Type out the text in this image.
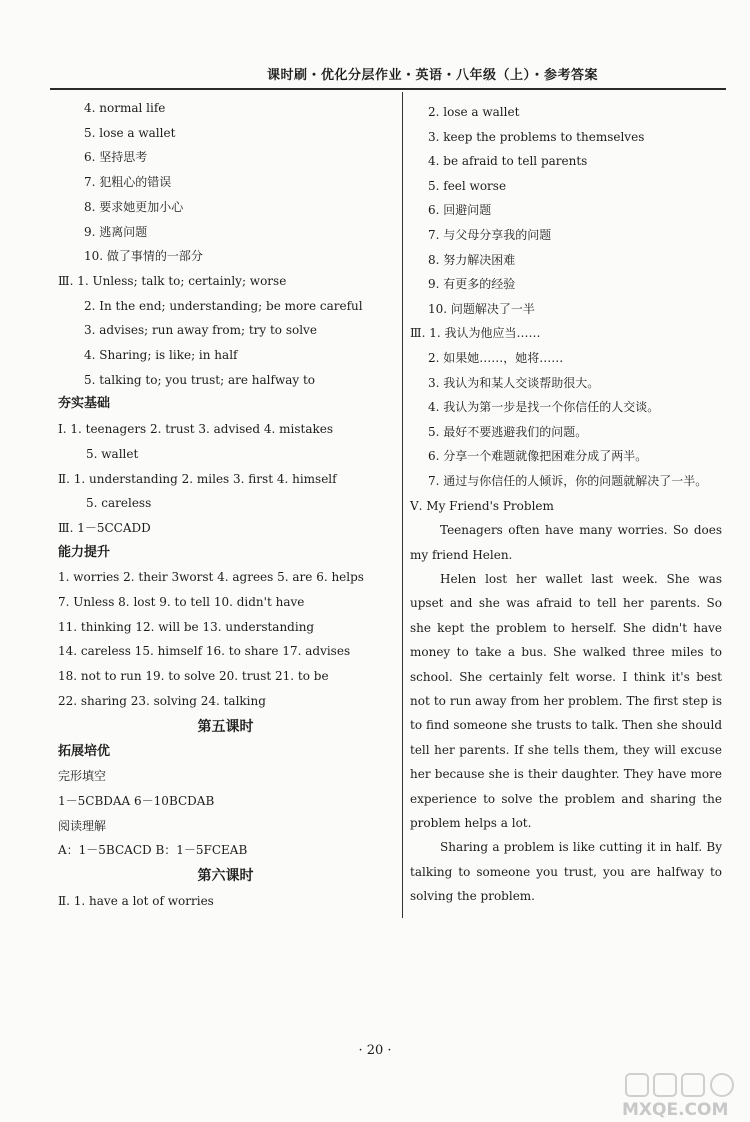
课时刷・优化分层作业・英语・八年级（上）・参考答案
4. normal life
5. lose a wallet
6. 坚持思考
7. 犯粗心的错误
8. 要求她更加小心
9. 逃离问题
10. 做了事情的一部分
Ⅲ. 1. Unless; talk to; certainly; worse
2. In the end; understanding; be more careful
3. advises; run away from; try to solve
4. Sharing; is like; in half
5. talking to; you trust; are halfway to
夯实基础
Ⅰ. 1. teenagers 2. trust 3. advised 4. mistakes
5. wallet
Ⅱ. 1. understanding 2. miles 3. first 4. himself
5. careless
Ⅲ. 1－5CCADD
能力提升
1. worries 2. their 3worst 4. agrees 5. are 6. helps
7. Unless 8. lost 9. to tell 10. didn't have
11. thinking 12. will be 13. understanding
14. careless 15. himself 16. to share 17. advises
18. not to run 19. to solve 20. trust 21. to be
22. sharing 23. solving 24. talking
第五课时
拓展培优
完形填空
1－5CBDAA 6－10BCDAB
阅读理解
A：1－5BCACD B：1－5FCEAB
第六课时
Ⅱ. 1. have a lot of worries
2. lose a wallet
3. keep the problems to themselves
4. be afraid to tell parents
5. feel worse
6. 回避问题
7. 与父母分享我的问题
8. 努力解决困难
9. 有更多的经验
10. 问题解决了一半
Ⅲ. 1. 我认为他应当……
2. 如果她……，她将……
3. 我认为和某人交谈帮助很大。
4. 我认为第一步是找一个你信任的人交谈。
5. 最好不要逃避我们的问题。
6. 分享一个难题就像把困难分成了两半。
7. 通过与你信任的人倾诉，你的问题就解决了一半。
Ⅴ. My Friend's Problem

Teenagers often have many worries. So does my friend Helen.

Helen lost her wallet last week. She was upset and she was afraid to tell her parents. So she kept the problem to herself. She didn't have money to take a bus. She walked three miles to school. She certainly felt worse. I think it's best not to run away from her problem. The first step is to find someone she trusts to talk. Then she should tell her parents. If she tells them, they will excuse her because she is their daughter. They have more experience to solve the problem and sharing the problem helps a lot.

Sharing a problem is like cutting it in half. By talking to someone you trust, you are halfway to solving the problem.

· 20 ·
MXQE.COM
